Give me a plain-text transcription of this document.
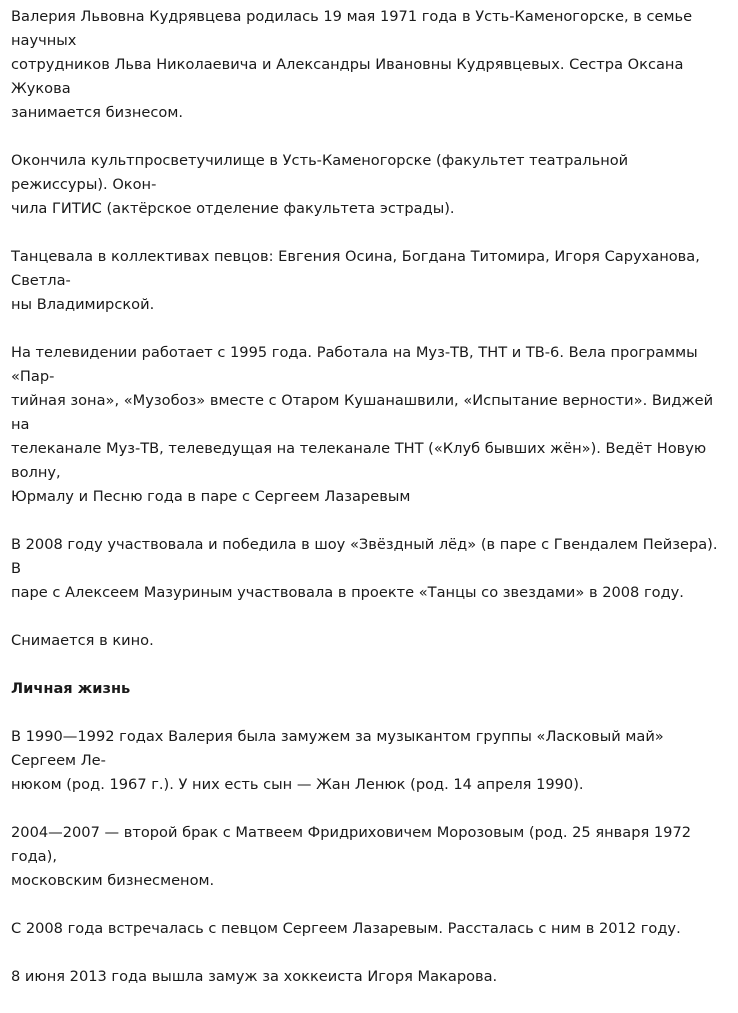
Валерия Львовна Кудрявцева родилась 19 мая 1971 года в Усть-Каменогорске, в семье научных
сотрудников Льва Николаевича и Александры Ивановны Кудрявцевых. Сестра Оксана Жукова
занимается бизнесом.

Окончила культпросветучилище в Усть-Каменогорске (факультет театральной режиссуры). Окон-
чила ГИТИС (актёрское отделение факультета эстрады).

Танцевала в коллективах певцов: Евгения Осина, Богдана Титомира, Игоря Саруханова, Светла-
ны Владимирской.

На телевидении работает с 1995 года. Работала на Муз-ТВ, ТНТ и ТВ-6. Вела программы «Пар-
тийная зона», «Музобоз» вместе с Отаром Кушанашвили, «Испытание верности». Виджей на
телеканале Муз-ТВ, телеведущая на телеканале ТНТ («Клуб бывших жён»). Ведёт Новую волну,
Юрмалу и Песню года в паре с Сергеем Лазаревым

В 2008 году участвовала и победила в шоу «Звёздный лёд» (в паре с Гвендалем Пейзера). В
паре с Алексеем Мазуриным участвовала в проекте «Танцы со звездами» в 2008 году.

Снимается в кино.

Личная жизнь

В 1990—1992 годах Валерия была замужем за музыкантом группы «Ласковый май» Сергеем Ле-
нюком (род. 1967 г.). У них есть сын — Жан Ленюк (род. 14 апреля 1990).

2004—2007 — второй брак с Матвеем Фридриховичем Морозовым (род. 25 января 1972 года),
московским бизнесменом.

С 2008 года встречалась с певцом Сергеем Лазаревым. Рассталась с ним в 2012 году.

8 июня 2013 года вышла замуж за хоккеиста Игоря Макарова.
